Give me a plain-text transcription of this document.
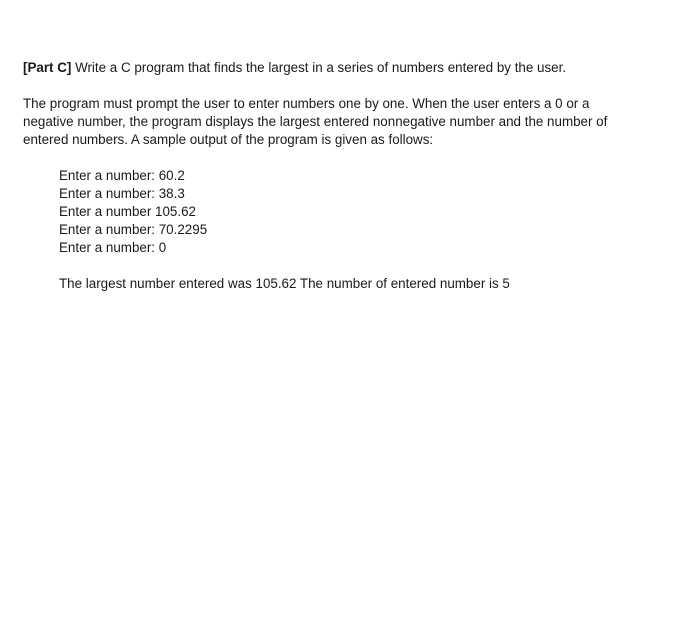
[Part C] Write a C program that finds the largest in a series of numbers entered by the user.

The program must prompt the user to enter numbers one by one. When the user enters a 0 or a negative number, the program displays the largest entered nonnegative number and the number of entered numbers. A sample output of the program is given as follows:

Enter a number: 60.2
Enter a number: 38.3
Enter a number 105.62
Enter a number: 70.2295
Enter a number: 0

The largest number entered was 105.62 The number of entered number is 5
